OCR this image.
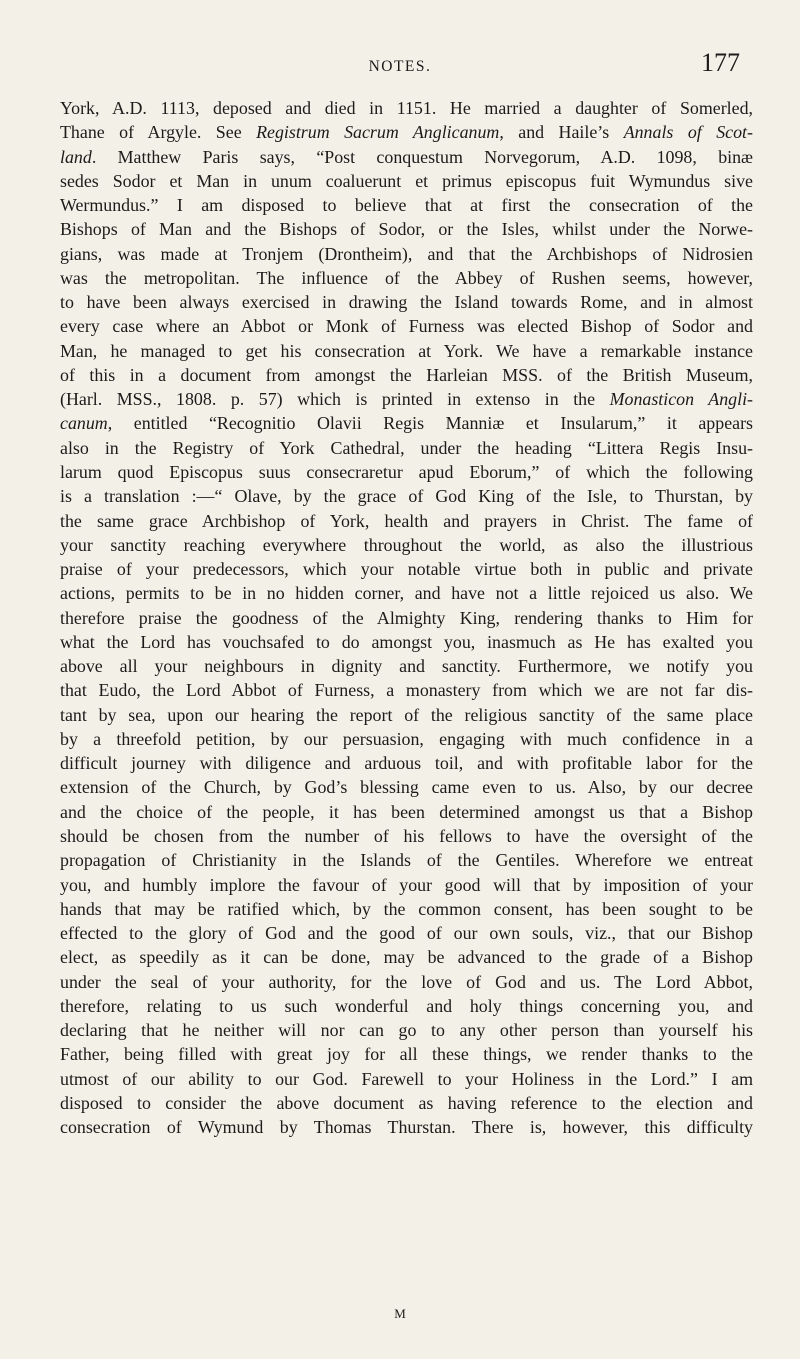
NOTES.	177
York, A.D. 1113, deposed and died in 1151. He married a daughter of Somerled,
Thane of Argyle. See Registrum Sacrum Anglicanum, and Haile’s Annals of Scot-
land. Matthew Paris says, “Post conquestum Norvegorum, A.D. 1098, binæ
sedes Sodor et Man in unum coaluerunt et primus episcopus fuit Wymundus sive
Wermundus.” I am disposed to believe that at first the consecration of the
Bishops of Man and the Bishops of Sodor, or the Isles, whilst under the Norwe-
gians, was made at Tronjem (Drontheim), and that the Archbishops of Nidrosien
was the metropolitan. The influence of the Abbey of Rushen seems, however,
to have been always exercised in drawing the Island towards Rome, and in almost
every case where an Abbot or Monk of Furness was elected Bishop of Sodor and
Man, he managed to get his consecration at York. We have a remarkable instance
of this in a document from amongst the Harleian MSS. of the British Museum,
(Harl. MSS., 1808. p. 57) which is printed in extenso in the Monasticon Angli-
canum, entitled “Recognitio Olavii Regis Manniæ et Insularum,” it appears
also in the Registry of York Cathedral, under the heading “Littera Regis Insu-
larum quod Episcopus suus consecraretur apud Eborum,” of which the following
is a translation :—“ Olave, by the grace of God King of the Isle, to Thurstan, by
the same grace Archbishop of York, health and prayers in Christ. The fame of
your sanctity reaching everywhere throughout the world, as also the illustrious
praise of your predecessors, which your notable virtue both in public and private
actions, permits to be in no hidden corner, and have not a little rejoiced us also. We
therefore praise the goodness of the Almighty King, rendering thanks to Him for
what the Lord has vouchsafed to do amongst you, inasmuch as He has exalted you
above all your neighbours in dignity and sanctity. Furthermore, we notify you
that Eudo, the Lord Abbot of Furness, a monastery from which we are not far dis-
tant by sea, upon our hearing the report of the religious sanctity of the same place
by a threefold petition, by our persuasion, engaging with much confidence in a
difficult journey with diligence and arduous toil, and with profitable labor for the
extension of the Church, by God’s blessing came even to us. Also, by our decree
and the choice of the people, it has been determined amongst us that a Bishop
should be chosen from the number of his fellows to have the oversight of the
propagation of Christianity in the Islands of the Gentiles. Wherefore we entreat
you, and humbly implore the favour of your good will that by imposition of your
hands that may be ratified which, by the common consent, has been sought to be
effected to the glory of God and the good of our own souls, viz., that our Bishop
elect, as speedily as it can be done, may be advanced to the grade of a Bishop
under the seal of your authority, for the love of God and us. The Lord Abbot,
therefore, relating to us such wonderful and holy things concerning you, and
declaring that he neither will nor can go to any other person than yourself his
Father, being filled with great joy for all these things, we render thanks to the
utmost of our ability to our God. Farewell to your Holiness in the Lord.” I am
disposed to consider the above document as having reference to the election and
consecration of Wymund by Thomas Thurstan. There is, however, this difficulty
M
